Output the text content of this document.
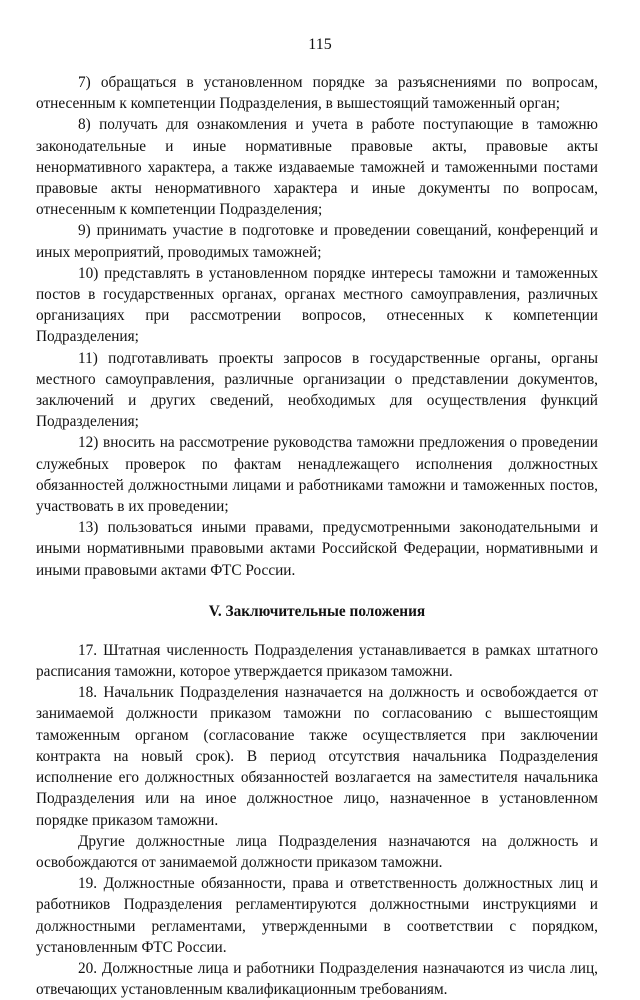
115

7) обращаться в установленном порядке за разъяснениями по вопросам, отнесенным к компетенции Подразделения, в вышестоящий таможенный орган;

8) получать для ознакомления и учета в работе поступающие в таможню законодательные и иные нормативные правовые акты, правовые акты ненормативного характера, а также издаваемые таможней и таможенными постами правовые акты ненормативного характера и иные документы по вопросам, отнесенным к компетенции Подразделения;

9) принимать участие в подготовке и проведении совещаний, конференций и иных мероприятий, проводимых таможней;

10) представлять в установленном порядке интересы таможни и таможенных постов в государственных органах, органах местного самоуправления, различных организациях при рассмотрении вопросов, отнесенных к компетенции Подразделения;

11) подготавливать проекты запросов в государственные органы, органы местного самоуправления, различные организации о представлении документов, заключений и других сведений, необходимых для осуществления функций Подразделения;

12) вносить на рассмотрение руководства таможни предложения о проведении служебных проверок по фактам ненадлежащего исполнения должностных обязанностей должностными лицами и работниками таможни и таможенных постов, участвовать в их проведении;

13) пользоваться иными правами, предусмотренными законодательными и иными нормативными правовыми актами Российской Федерации, нормативными и иными правовыми актами ФТС России.

V. Заключительные положения

17. Штатная численность Подразделения устанавливается в рамках штатного расписания таможни, которое утверждается приказом таможни.

18. Начальник Подразделения назначается на должность и освобождается от занимаемой должности приказом таможни по согласованию с вышестоящим таможенным органом (согласование также осуществляется при заключении контракта на новый срок). В период отсутствия начальника Подразделения исполнение его должностных обязанностей возлагается на заместителя начальника Подразделения или на иное должностное лицо, назначенное в установленном порядке приказом таможни.

Другие должностные лица Подразделения назначаются на должность и освобождаются от занимаемой должности приказом таможни.

19. Должностные обязанности, права и ответственность должностных лиц и работников Подразделения регламентируются должностными инструкциями и должностными регламентами, утвержденными в соответствии с порядком, установленным ФТС России.

20. Должностные лица и работники Подразделения назначаются из числа лиц, отвечающих установленным квалификационным требованиям.
